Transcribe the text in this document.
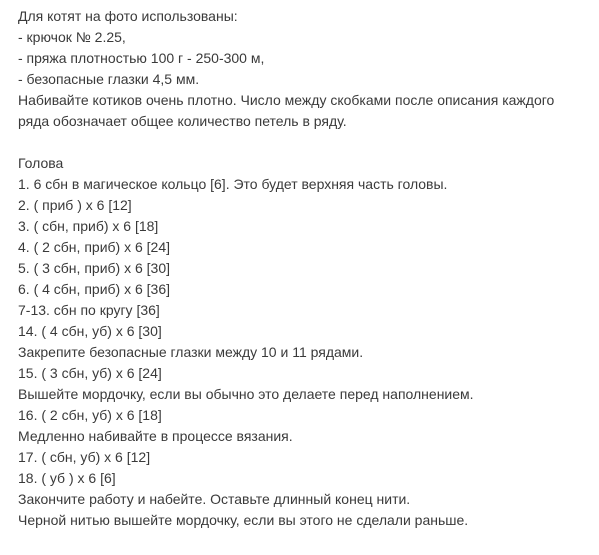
Для котят на фото использованы:

- крючок № 2.25,

- пряжа плотностью 100 г - 250-300 м,

- безопасные глазки 4,5 мм.

Набивайте котиков очень плотно. Число между скобками после описания каждого

ряда обозначает общее количество петель в ряду.

Голова

1. 6 сбн в магическое кольцо [6]. Это будет верхняя часть головы.

2. ( приб ) х 6 [12]

3. ( сбн, приб) х 6 [18]

4. ( 2 сбн, приб) х 6 [24]

5. ( 3 сбн, приб) х 6 [30]

6. ( 4 сбн, приб) х 6 [36]

7-13. сбн по кругу [36]

14. ( 4 сбн, уб) х 6 [30]

Закрепите безопасные глазки между 10 и 11 рядами.

15. ( 3 сбн, уб) х 6 [24]

Вышейте мордочку, если вы обычно это делаете перед наполнением.

16. ( 2 сбн, уб) х 6 [18]

Медленно набивайте в процессе вязания.

17. ( сбн, уб) х 6 [12]

18. ( уб ) х 6 [6]

Закончите работу и набейте. Оставьте длинный конец нити.

Черной нитью вышейте мордочку, если вы этого не сделали раньше.
